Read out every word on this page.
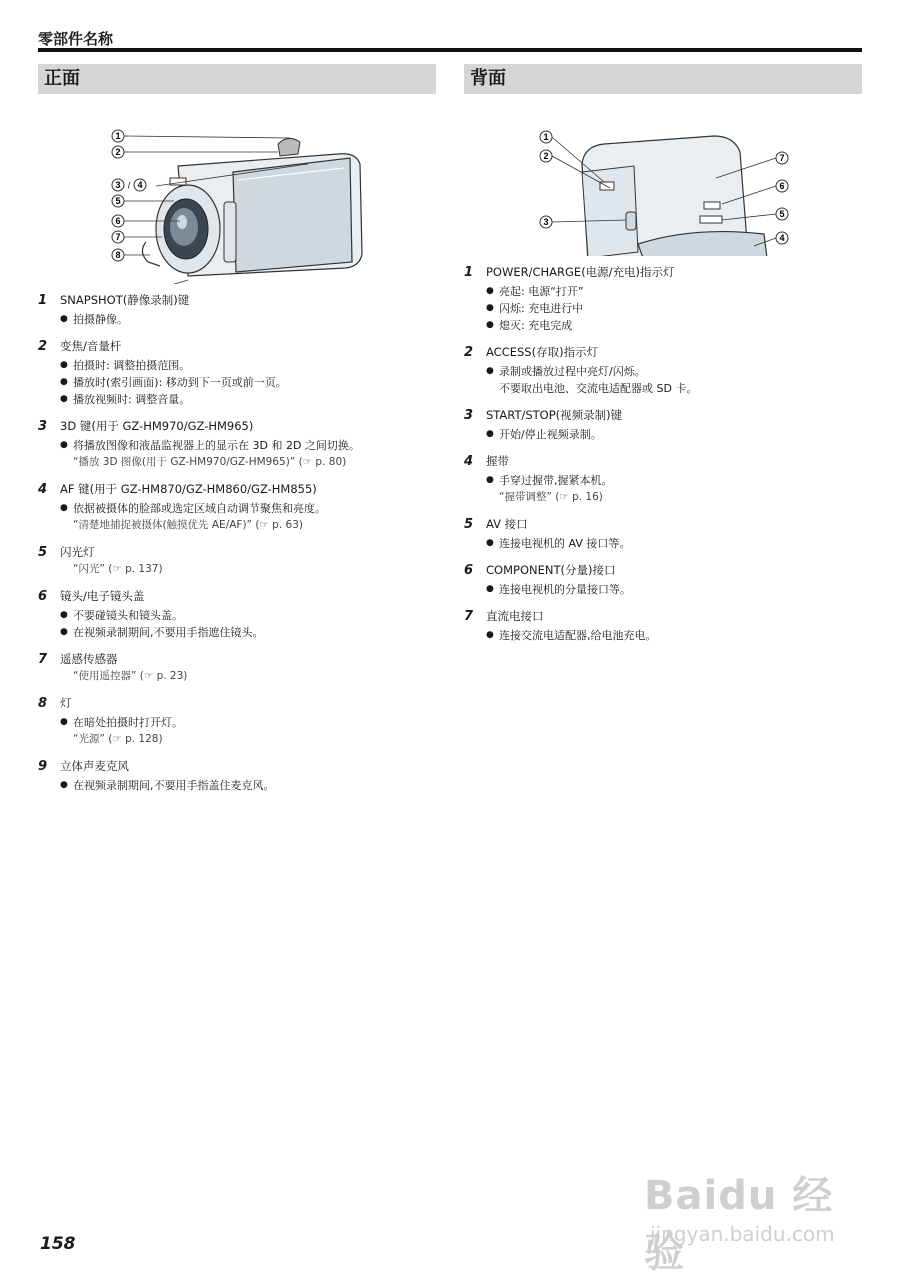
零部件名称
正面
1
2
3 / 4
5
6
7
8
1	SNAPSHOT(静像录制)键
● 拍摄静像。
2	变焦/音量杆
● 拍摄时: 调整拍摄范围。
● 播放时(索引画面): 移动到下一页或前一页。
● 播放视频时: 调整音量。
3	3D 键(用于 GZ-HM970/GZ-HM965)
● 将播放图像和液晶监视器上的显示在 3D 和 2D 之间切换。
“播放 3D 图像(用于 GZ-HM970/GZ-HM965)” (☞ p. 80)
4	AF 键(用于 GZ-HM870/GZ-HM860/GZ-HM855)
● 依据被摄体的脸部或选定区域自动调节聚焦和亮度。
“清楚地捕捉被摄体(触摸优先 AE/AF)” (☞ p. 63)
5	闪光灯
“闪光” (☞ p. 137)
6	镜头/电子镜头盖
● 不要碰镜头和镜头盖。
● 在视频录制期间,不要用手指遮住镜头。
7	遥感传感器
“使用遥控器” (☞ p. 23)
8	灯
● 在暗处拍摄时打开灯。
“光源” (☞ p. 128)
9	立体声麦克风
● 在视频录制期间,不要用手指盖住麦克风。
背面
1
2
3
7
6
5
4
1	POWER/CHARGE(电源/充电)指示灯
● 亮起: 电源“打开”
● 闪烁: 充电进行中
● 熄灭: 充电完成
2	ACCESS(存取)指示灯
● 录制或播放过程中亮灯/闪烁。
不要取出电池、交流电适配器或 SD 卡。
3	START/STOP(视频录制)键
● 开始/停止视频录制。
4	握带
● 手穿过握带,握紧本机。
“握带调整” (☞ p. 16)
5	AV 接口
● 连接电视机的 AV 接口等。
6	COMPONENT(分量)接口
● 连接电视机的分量接口等。
7	直流电接口
● 连接交流电适配器,给电池充电。
158
Baidu 经验
jingyan.baidu.com
